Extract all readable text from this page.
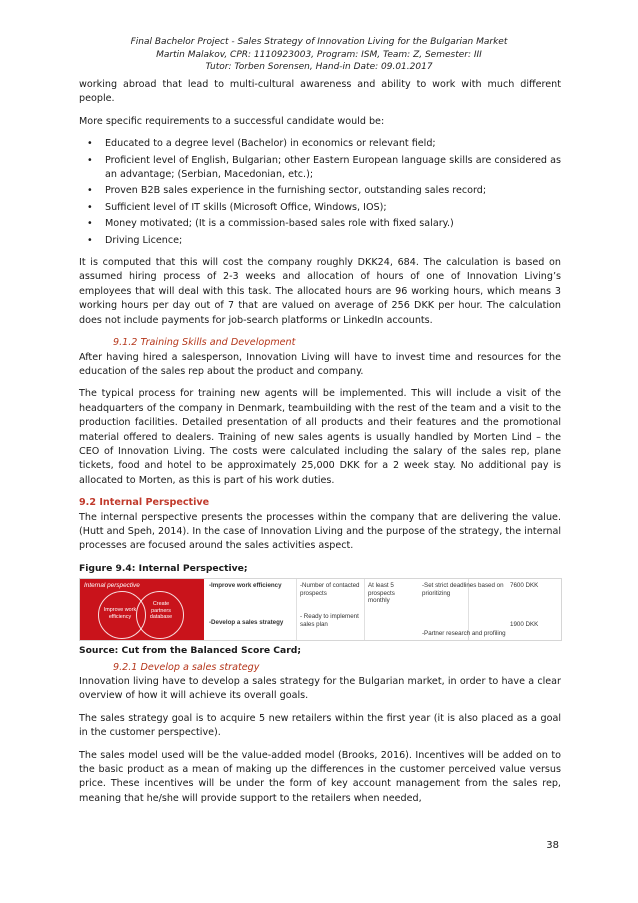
Final Bachelor Project - Sales Strategy of Innovation Living for the Bulgarian Market
Martin Malakov, CPR: 1110923003, Program: ISM, Team: Z, Semester: III
Tutor: Torben Sorensen, Hand-in Date: 09.01.2017

working abroad that lead to multi-cultural awareness and ability to work with much different people.

More specific requirements to a successful candidate would be:

• Educated to a degree level (Bachelor) in economics or relevant field;
• Proficient level of English, Bulgarian; other Eastern European language skills are considered as an advantage; (Serbian, Macedonian, etc.);
• Proven B2B sales experience in the furnishing sector, outstanding sales record;
• Sufficient level of IT skills (Microsoft Office, Windows, IOS);
• Money motivated; (It is a commission-based sales role with fixed salary.)
• Driving Licence;

It is computed that this will cost the company roughly DKK24, 684. The calculation is based on assumed hiring process of 2-3 weeks and allocation of hours of one of Innovation Living’s employees that will deal with this task. The allocated hours are 96 working hours, which means 3 working hours per day out of 7 that are valued on average of 256 DKK per hour. The calculation does not include payments for job-search platforms or LinkedIn accounts.

9.1.2 Training Skills and Development

After having hired a salesperson, Innovation Living will have to invest time and resources for the education of the sales rep about the product and company.

The typical process for training new agents will be implemented. This will include a visit of the headquarters of the company in Denmark, teambuilding with the rest of the team and a visit to the production facilities. Detailed presentation of all products and their features and the promotional material offered to dealers. Training of new sales agents is usually handled by Morten Lind – the CEO of Innovation Living. The costs were calculated including the salary of the sales rep, plane tickets, food and hotel to be approximately 25,000 DKK for a 2 week stay. No additional pay is allocated to Morten, as this is part of his work duties.

9.2 Internal Perspective

The internal perspective presents the processes within the company that are delivering the value. (Hutt and Speh, 2014). In the case of Innovation Living and the purpose of the strategy, the internal processes are focused around the sales activities aspect.

Figure 9.4: Internal Perspective;
Internal perspective
Improve work efficiency
Create partners database
-Improve work efficiency
-Develop a sales strategy
-Number of contacted prospects
- Ready to implement sales plan
At least 5 prospects monthly
-Set strict deadlines based on prioritizing
-Partner research and profiling
7600 DKK
1900 DKK
Source: Cut from the Balanced Score Card;
9.2.1 Develop a sales strategy

Innovation living have to develop a sales strategy for the Bulgarian market, in order to have a clear overview of how it will achieve its overall goals.

The sales strategy goal is to acquire 5 new retailers within the first year (it is also placed as a goal in the customer perspective).

The sales model used will be the value-added model (Brooks, 2016). Incentives will be added on to the basic product as a mean of making up the differences in the customer perceived value versus price. These incentives will be under the form of key account management from the sales rep, meaning that he/she will provide support to the retailers when needed,

38
